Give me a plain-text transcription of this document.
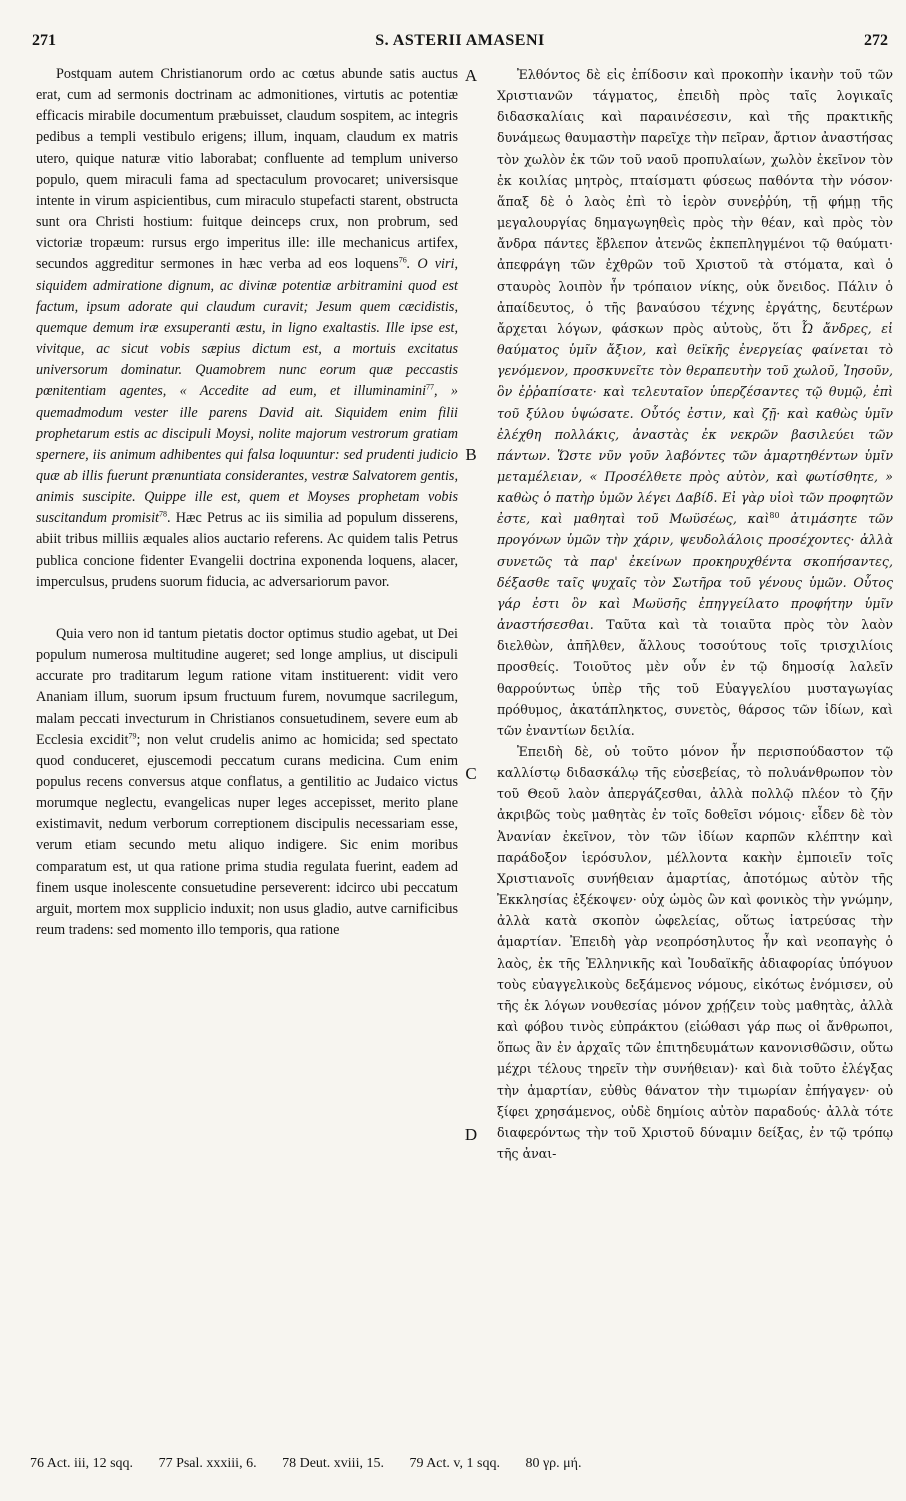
271	S. ASTERII AMASENI	272

Postquam autem Christianorum ordo ac cœtus abunde satis auctus erat, cum ad sermonis doctrinam ac admonitiones, virtutis ac potentiæ efficacis mirabile documentum præbuisset, claudum sospitem, ac integris pedibus a templi vestibulo erigens; illum, inquam, claudum ex matris utero, quique naturæ vitio laborabat; confluente ad templum universo populo, quem miraculi fama ad spectaculum provocaret; universisque intente in virum aspicientibus, cum miraculo stupefacti starent, obstructa sunt ora Christi hostium: fuitque deinceps crux, non probrum, sed victoriæ tropæum: rursus ergo imperitus ille: ille mechanicus artifex, secundos aggreditur sermones in hæc verba ad eos loquens$^{76}$. O viri, siquidem admiratione dignum, ac divinæ potentiæ arbitramini quod est factum, ipsum adorate qui claudum curavit; Jesum quem cæcidistis, quemque demum iræ exsuperanti æstu, in ligno exaltastis. Ille ipse est, vivitque, ac sicut vobis sæpius dictum est, a mortuis excitatus universorum dominatur. Quamobrem nunc eorum quæ peccastis pœnitentiam agentes, « Accedite ad eum, et illuminamini$^{77}$, » quemadmodum vester ille parens David ait. Siquidem enim filii prophetarum estis ac discipuli Moysi, nolite majorum vestrorum gratiam spernere, iis animum adhibentes qui falsa loquuntur: sed prudenti judicio quæ ab illis fuerunt prænuntiata considerantes, vestræ Salvatorem gentis, animis suscipite. Quippe ille est, quem et Moyses prophetam vobis suscitandum promisit$^{78}$. Hæc Petrus ac iis similia ad populum disserens, abiit tribus milliis æquales alios auctario referens. Ac quidem talis Petrus publica concione fidenter Evangelii doctrina exponenda loquens, alacer, imperculsus, prudens suorum fiducia, ac adversariorum pavor.

Quia vero non id tantum pietatis doctor optimus studio agebat, ut Dei populum numerosa multitudine augeret; sed longe amplius, ut discipuli accurate pro traditarum legum ratione vitam instituerent: vidit vero Ananiam illum, suorum ipsum fructuum furem, novumque sacrilegum, malam peccati invecturum in Christianos consuetudinem, severe eum ab Ecclesia excidit$^{79}$; non velut crudelis animo ac homicida; sed spectato quod conduceret, ejuscemodi peccatum curans medicina. Cum enim populus recens conversus atque conflatus, a gentilitio ac Judaico victus morumque neglectu, evangelicas nuper leges accepisset, merito plane existimavit, nedum verborum correptionem discipulis necessariam esse, verum etiam secundo metu aliquo indigere. Sic enim moribus comparatum est, ut qua ratione prima studia regulata fuerint, eadem ad finem usque inolescente consuetudine perseverent: idcirco ubi peccatum arguit, mortem mox supplicio induxit; non usus gladio, autve carnificibus reum tradens: sed momento illo temporis, qua ratione

Ἐλθόντος δὲ εἰς ἐπίδοσιν καὶ προκοπὴν ἱκανὴν τοῦ τῶν Χριστιανῶν τάγματος, ἐπειδὴ πρὸς ταῖς λογικαῖς διδασκαλίαις καὶ παραινέσεσιν, καὶ τῆς πρακτικῆς δυνάμεως θαυμαστὴν παρεῖχε τὴν πεῖραν, ἄρτιον ἀναστήσας τὸν χωλὸν ἐκ τῶν τοῦ ναοῦ προπυλαίων, χωλὸν ἐκεῖνον τὸν ἐκ κοιλίας μητρὸς, πταίσματι φύσεως παθόντα τὴν νόσον· ἅπαξ δὲ ὁ λαὸς ἐπὶ τὸ ἱερὸν συνεῤῥύη, τῇ φήμῃ τῆς μεγαλουργίας δημαγωγηθεὶς πρὸς τὴν θέαν, καὶ πρὸς τὸν ἄνδρα πάντες ἔβλεπον ἀτενῶς ἐκπεπληγμένοι τῷ θαύματι· ἀπεφράγη τῶν ἐχθρῶν τοῦ Χριστοῦ τὰ στόματα, καὶ ὁ σταυρὸς λοιπὸν ἦν τρόπαιον νίκης, οὐκ ὄνειδος. Πάλιν ὁ ἀπαίδευτος, ὁ τῆς βαναύσου τέχνης ἐργάτης, δευτέρων ἄρχεται λόγων, φάσκων πρὸς αὐτοὺς, ὅτι Ὦ ἄνδρες, εἰ θαύματος ὑμῖν ἄξιον, καὶ θεϊκῆς ἐνεργείας φαίνεται τὸ γενόμενον, προσκυνεῖτε τὸν θεραπευτὴν τοῦ χωλοῦ, Ἰησοῦν, ὃν ἐῤῥαπίσατε· καὶ τελευταῖον ὑπερζέσαντες τῷ θυμῷ, ἐπὶ τοῦ ξύλου ὑψώσατε. Οὗτός ἐστιν, καὶ ζῇ· καὶ καθὼς ὑμῖν ἐλέχθη πολλάκις, ἀναστὰς ἐκ νεκρῶν βασιλεύει τῶν πάντων. Ὥστε νῦν γοῦν λαβόντες τῶν ἁμαρτηθέντων ὑμῖν μεταμέλειαν, « Προσέλθετε πρὸς αὐτὸν, καὶ φωτίσθητε, » καθὼς ὁ πατὴρ ὑμῶν λέγει Δαβίδ. Εἰ γὰρ υἱοὶ τῶν προφητῶν ἐστε, καὶ μαθηταὶ τοῦ Μωϋσέως, καὶ$^{80}$ ἀτιμάσητε τῶν προγόνων ὑμῶν τὴν χάριν, ψευδολάλοις προσέχοντες· ἀλλὰ συνετῶς τὰ παρ' ἐκείνων προκηρυχθέντα σκοπήσαντες, δέξασθε ταῖς ψυχαῖς τὸν Σωτῆρα τοῦ γένους ὑμῶν. Οὗτος γάρ ἐστι ὃν καὶ Μωϋσῆς ἐπηγγείλατο προφήτην ὑμῖν ἀναστήσεσθαι. Ταῦτα καὶ τὰ τοιαῦτα πρὸς τὸν λαὸν διελθὼν, ἀπῆλθεν, ἄλλους τοσούτους τοῖς τρισχιλίοις προσθείς. Τοιοῦτος μὲν οὖν ἐν τῷ δημοσίᾳ λαλεῖν θαρρούντως ὑπὲρ τῆς τοῦ Εὐαγγελίου μυσταγωγίας πρόθυμος, ἀκατάπληκτος, συνετὸς, θάρσος τῶν ἰδίων, καὶ τῶν ἐναντίων δειλία.

Ἐπειδὴ δὲ, οὐ τοῦτο μόνον ἦν περισπούδαστον τῷ καλλίστῳ διδασκάλῳ τῆς εὐσεβείας, τὸ πολυάνθρωπον τὸν τοῦ Θεοῦ λαὸν ἀπεργάζεσθαι, ἀλλὰ πολλῷ πλέον τὸ ζῆν ἀκριβῶς τοὺς μαθητὰς ἐν τοῖς δοθεῖσι νόμοις· εἶδεν δὲ τὸν Ἀνανίαν ἐκεῖνον, τὸν τῶν ἰδίων καρπῶν κλέπτην καὶ παράδοξον ἱερόσυλον, μέλλοντα κακὴν ἐμποιεῖν τοῖς Χριστιανοῖς συνήθειαν ἁμαρτίας, ἀποτόμως αὐτὸν τῆς Ἐκκλησίας ἐξέκοψεν· οὐχ ὡμὸς ὢν καὶ φονικὸς τὴν γνώμην, ἀλλὰ κατὰ σκοπὸν ὠφελείας, οὕτως ἰατρεύσας τὴν ἁμαρτίαν. Ἐπειδὴ γὰρ νεοπρόσηλυτος ἦν καὶ νεοπαγὴς ὁ λαὸς, ἐκ τῆς Ἑλληνικῆς καὶ Ἰουδαϊκῆς ἀδιαφορίας ὑπόγυον τοὺς εὐαγγελικοὺς δεξάμενος νόμους, εἰκότως ἐνόμισεν, οὐ τῆς ἐκ λόγων νουθεσίας μόνον χρῄζειν τοὺς μαθητὰς, ἀλλὰ καὶ φόβου τινὸς εὐπράκτου (εἰώθασι γάρ πως οἱ ἄνθρωποι, ὅπως ἂν ἐν ἀρχαῖς τῶν ἐπιτηδευμάτων κανονισθῶσιν, οὕτω μέχρι τέλους τηρεῖν τὴν συνήθειαν)· καὶ διὰ τοῦτο ἐλέγξας τὴν ἁμαρτίαν, εὐθὺς θάνατον τὴν τιμωρίαν ἐπήγαγεν· οὐ ξίφει χρησάμενος, οὐδὲ δημίοις αὐτὸν παραδούς· ἀλλὰ τότε διαφερόντως τὴν τοῦ Χριστοῦ δύναμιν δείξας, ἐν τῷ τρόπῳ τῆς ἀναι-

A
B
C
D
76 Act. iii, 12 sqq. 77 Psal. xxxiii, 6. 78 Deut. xviii, 15. 79 Act. v, 1 sqq. 80 γρ. μή.
